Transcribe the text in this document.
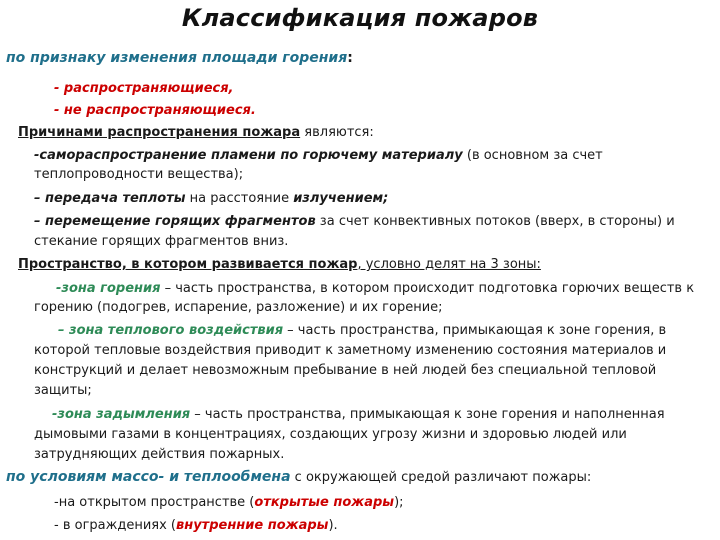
Классификация пожаров
по признаку изменения площади горения:
- распространяющиеся,
- не распространяющиеся.
Причинами распространения пожара являются:
-самораспространение пламени по горючему материалу (в основном за счет
теплопроводности вещества);
– передача теплоты на расстояние излучением;
– перемещение горящих фрагментов за счет конвективных потоков (вверх, в стороны) и
стекание горящих фрагментов вниз.
Пространство, в котором развивается пожар, условно делят на 3 зоны:
-зона горения – часть пространства, в котором происходит подготовка горючих веществ к
горению (подогрев, испарение, разложение) и их горение;
– зона теплового воздействия – часть пространства, примыкающая к зоне горения, в
которой тепловые воздействия приводит к заметному изменению состояния материалов и
конструкций и делает невозможным пребывание в ней людей без специальной тепловой
защиты;
-зона задымления – часть пространства, примыкающая к зоне горения и наполненная
дымовыми газами в концентрациях, создающих угрозу жизни и здоровью людей или
затрудняющих действия пожарных.
по условиям массо- и теплообмена с окружающей средой различают пожары:
-на открытом пространстве (открытые пожары);
- в ограждениях (внутренние пожары).
